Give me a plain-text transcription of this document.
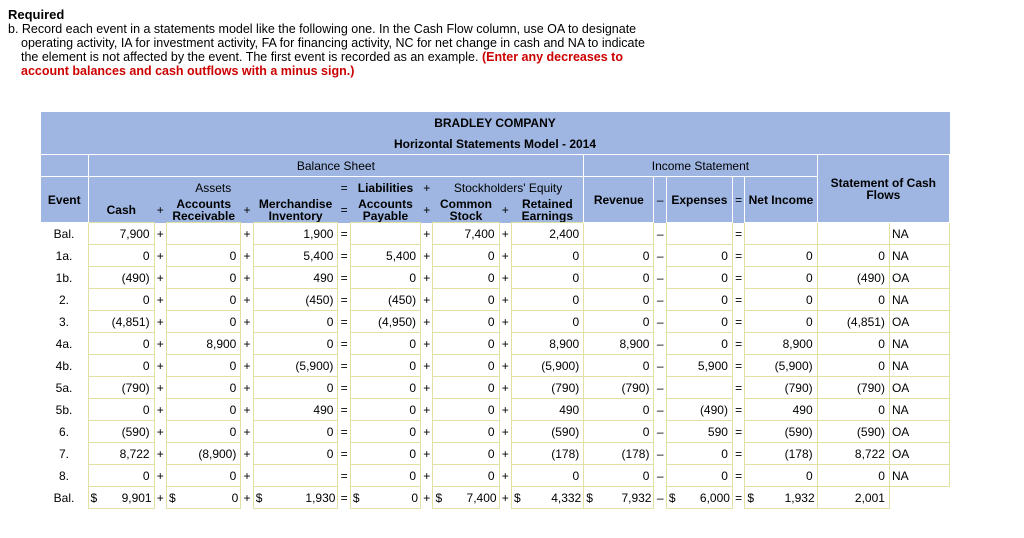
Required
b. Record each event in a statements model like the following one. In the Cash Flow column, use OA to designate operating activity, IA for investment activity, FA for financing activity, NC for net change in cash and NA to indicate the element is not affected by the event. The first event is recorded as an example. (Enter any decreases to account balances and cash outflows with a minus sign.)
BRADLEY COMPANY																		
Horizontal Statements Model - 2014																		
	Balance Sheet											Income Statement					Statement of Cash Flows	
Event	Assets					=	Liabilities	+	Stockholders' Equity			Revenue	–	Expenses	=	Net Income		
	Cash	+	Accounts Receivable	+	Merchandise Inventory	=	Accounts Payable	+	Common Stock	+	Retained Earnings							
Bal.	7,900	+		+	1,900	=		+	7,400	+	2,400		–		=			NA
1a.	0	+	0	+	5,400	=	5,400	+	0	+	0	0	–	0	=	0	0	NA
1b.	(490)	+	0	+	490	=	0	+	0	+	0	0	–	0	=	0	(490)	OA
2.	0	+	0	+	(450)	=	(450)	+	0	+	0	0	–	0	=	0	0	NA
3.	(4,851)	+	0	+	0	=	(4,950)	+	0	+	0	0	–	0	=	0	(4,851)	OA
4a.	0	+	8,900	+	0	=	0	+	0	+	8,900	8,900	–	0	=	8,900	0	NA
4b.	0	+	0	+	(5,900)	=	0	+	0	+	(5,900)	0	–	5,900	=	(5,900)	0	NA
5a.	(790)	+	0	+	0	=	0	+	0	+	(790)	(790)	–		=	(790)	(790)	OA
5b.	0	+	0	+	490	=	0	+	0	+	490	0	–	(490)	=	490	0	NA
6.	(590)	+	0	+	0	=	0	+	0	+	(590)	0	–	590	=	(590)	(590)	OA
7.	8,722	+	(8,900)	+	0	=	0	+	0	+	(178)	(178)	–	0	=	(178)	8,722	OA
8.	0	+	0	+		=	0	+	0	+	0	0	–	0	=	0	0	NA
Bal.	$ 9,901	+	$ 0	+	$ 1,930	=	$ 0	+	$ 7,400	+	$ 4,332	$ 7,932	–	$ 6,000	=	$ 1,932	2,001	
